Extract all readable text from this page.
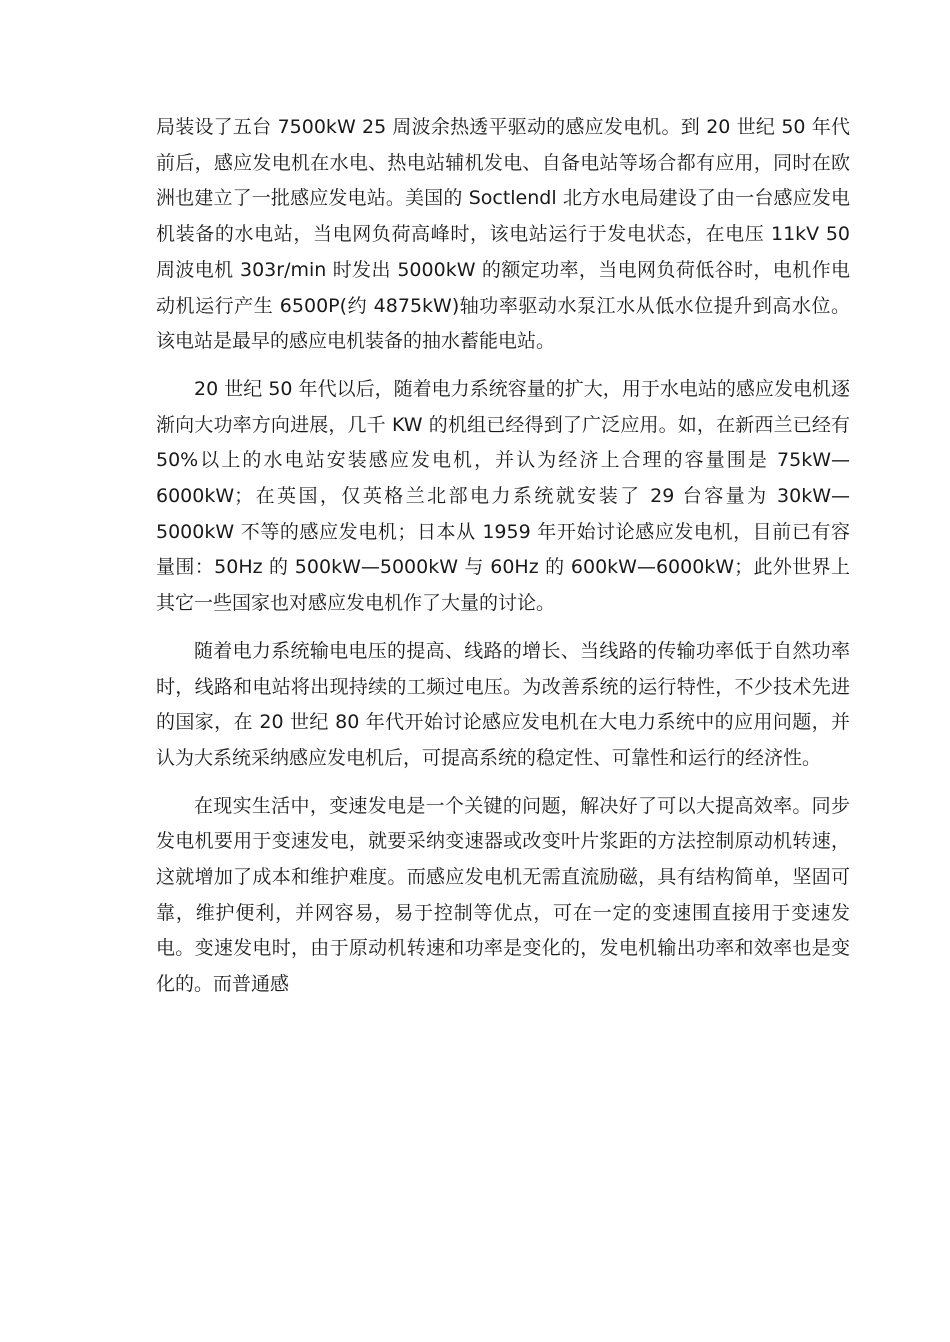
局装设了五台 7500kW 25 周波余热透平驱动的感应发电机。到 20 世纪 50 年代前后，感应发电机在水电、热电站辅机发电、自备电站等场合都有应用，同时在欧洲也建立了一批感应发电站。美国的 Soctlendl 北方水电局建设了由一台感应发电机装备的水电站，当电网负荷高峰时，该电站运行于发电状态，在电压 11kV 50 周波电机 303r/min 时发出 5000kW 的额定功率，当电网负荷低谷时，电机作电动机运行产生 6500P(约 4875kW)轴功率驱动水泵江水从低水位提升到高水位。该电站是最早的感应电机装备的抽水蓄能电站。

20 世纪 50 年代以后，随着电力系统容量的扩大，用于水电站的感应发电机逐渐向大功率方向进展，几千 KW 的机组已经得到了广泛应用。如，在新西兰已经有 50%以上的水电站安装感应发电机，并认为经济上合理的容量围是 75kW—6000kW；在英国，仅英格兰北部电力系统就安装了 29 台容量为 30kW—5000kW 不等的感应发电机；日本从 1959 年开始讨论感应发电机，目前已有容量围：50Hz 的 500kW—5000kW 与 60Hz 的 600kW—6000kW；此外世界上其它一些国家也对感应发电机作了大量的讨论。

随着电力系统输电电压的提高、线路的增长、当线路的传输功率低于自然功率时，线路和电站将出现持续的工频过电压。为改善系统的运行特性，不少技术先进的国家，在 20 世纪 80 年代开始讨论感应发电机在大电力系统中的应用问题，并认为大系统采纳感应发电机后，可提高系统的稳定性、可靠性和运行的经济性。

在现实生活中，变速发电是一个关键的问题，解决好了可以大提高效率。同步发电机要用于变速发电，就要采纳变速器或改变叶片浆距的方法控制原动机转速，这就增加了成本和维护难度。而感应发电机无需直流励磁，具有结构简单，坚固可靠，维护便利，并网容易，易于控制等优点，可在一定的变速围直接用于变速发电。变速发电时，由于原动机转速和功率是变化的，发电机输出功率和效率也是变化的。而普通感
